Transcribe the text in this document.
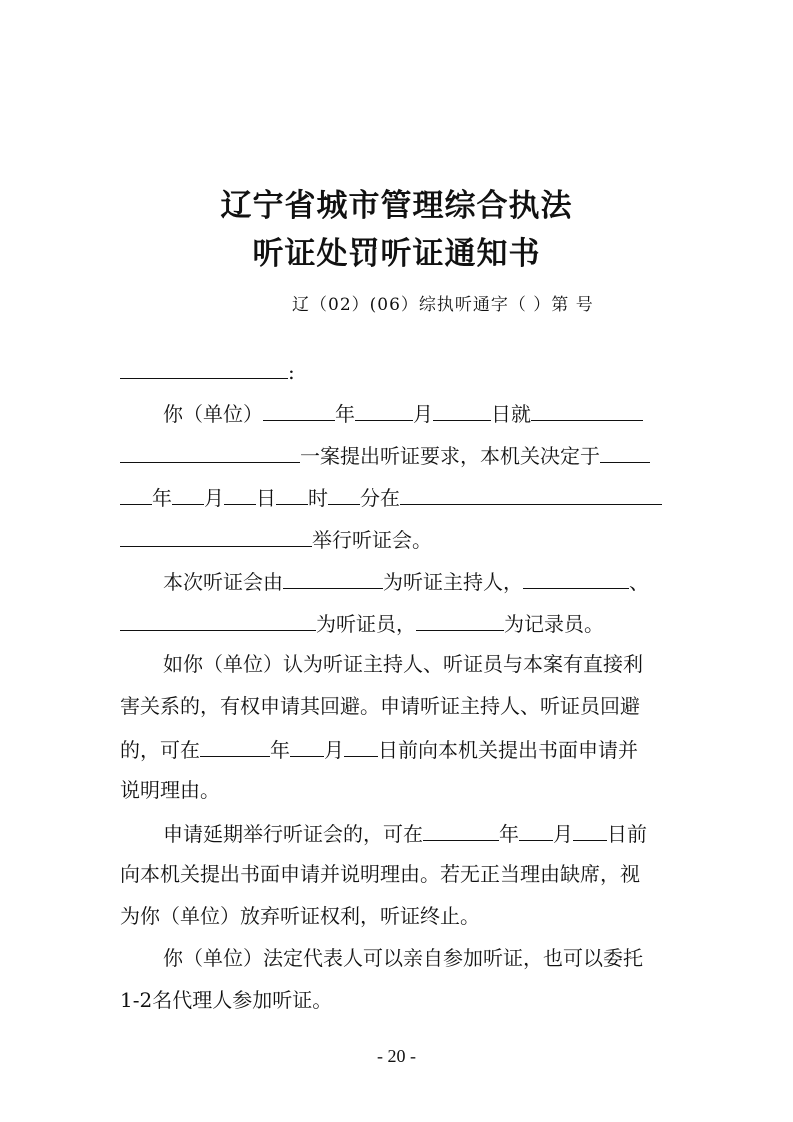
辽宁省城市管理综合执法
听证处罚听证通知书
辽（02）(06）综执听通字（ ）第 号
:
你（单位）	年	月	日就
一案提出听证要求，本机关决定于
年 月 日 时 分在
举行听证会。
本次听证会由	为听证主持人，	、
为听证员，	为记录员。
如你（单位）认为听证主持人、听证员与本案有直接利
害关系的，有权申请其回避。申请听证主持人、听证员回避
的，可在	年 月 日前向本机关提出书面申请并
说明理由。
申请延期举行听证会的，可在	年 月 日前
向本机关提出书面申请并说明理由。若无正当理由缺席，视
为你（单位）放弃听证权利，听证终止。
你（单位）法定代表人可以亲自参加听证，也可以委托
1-2名代理人参加听证。
- 20 -
